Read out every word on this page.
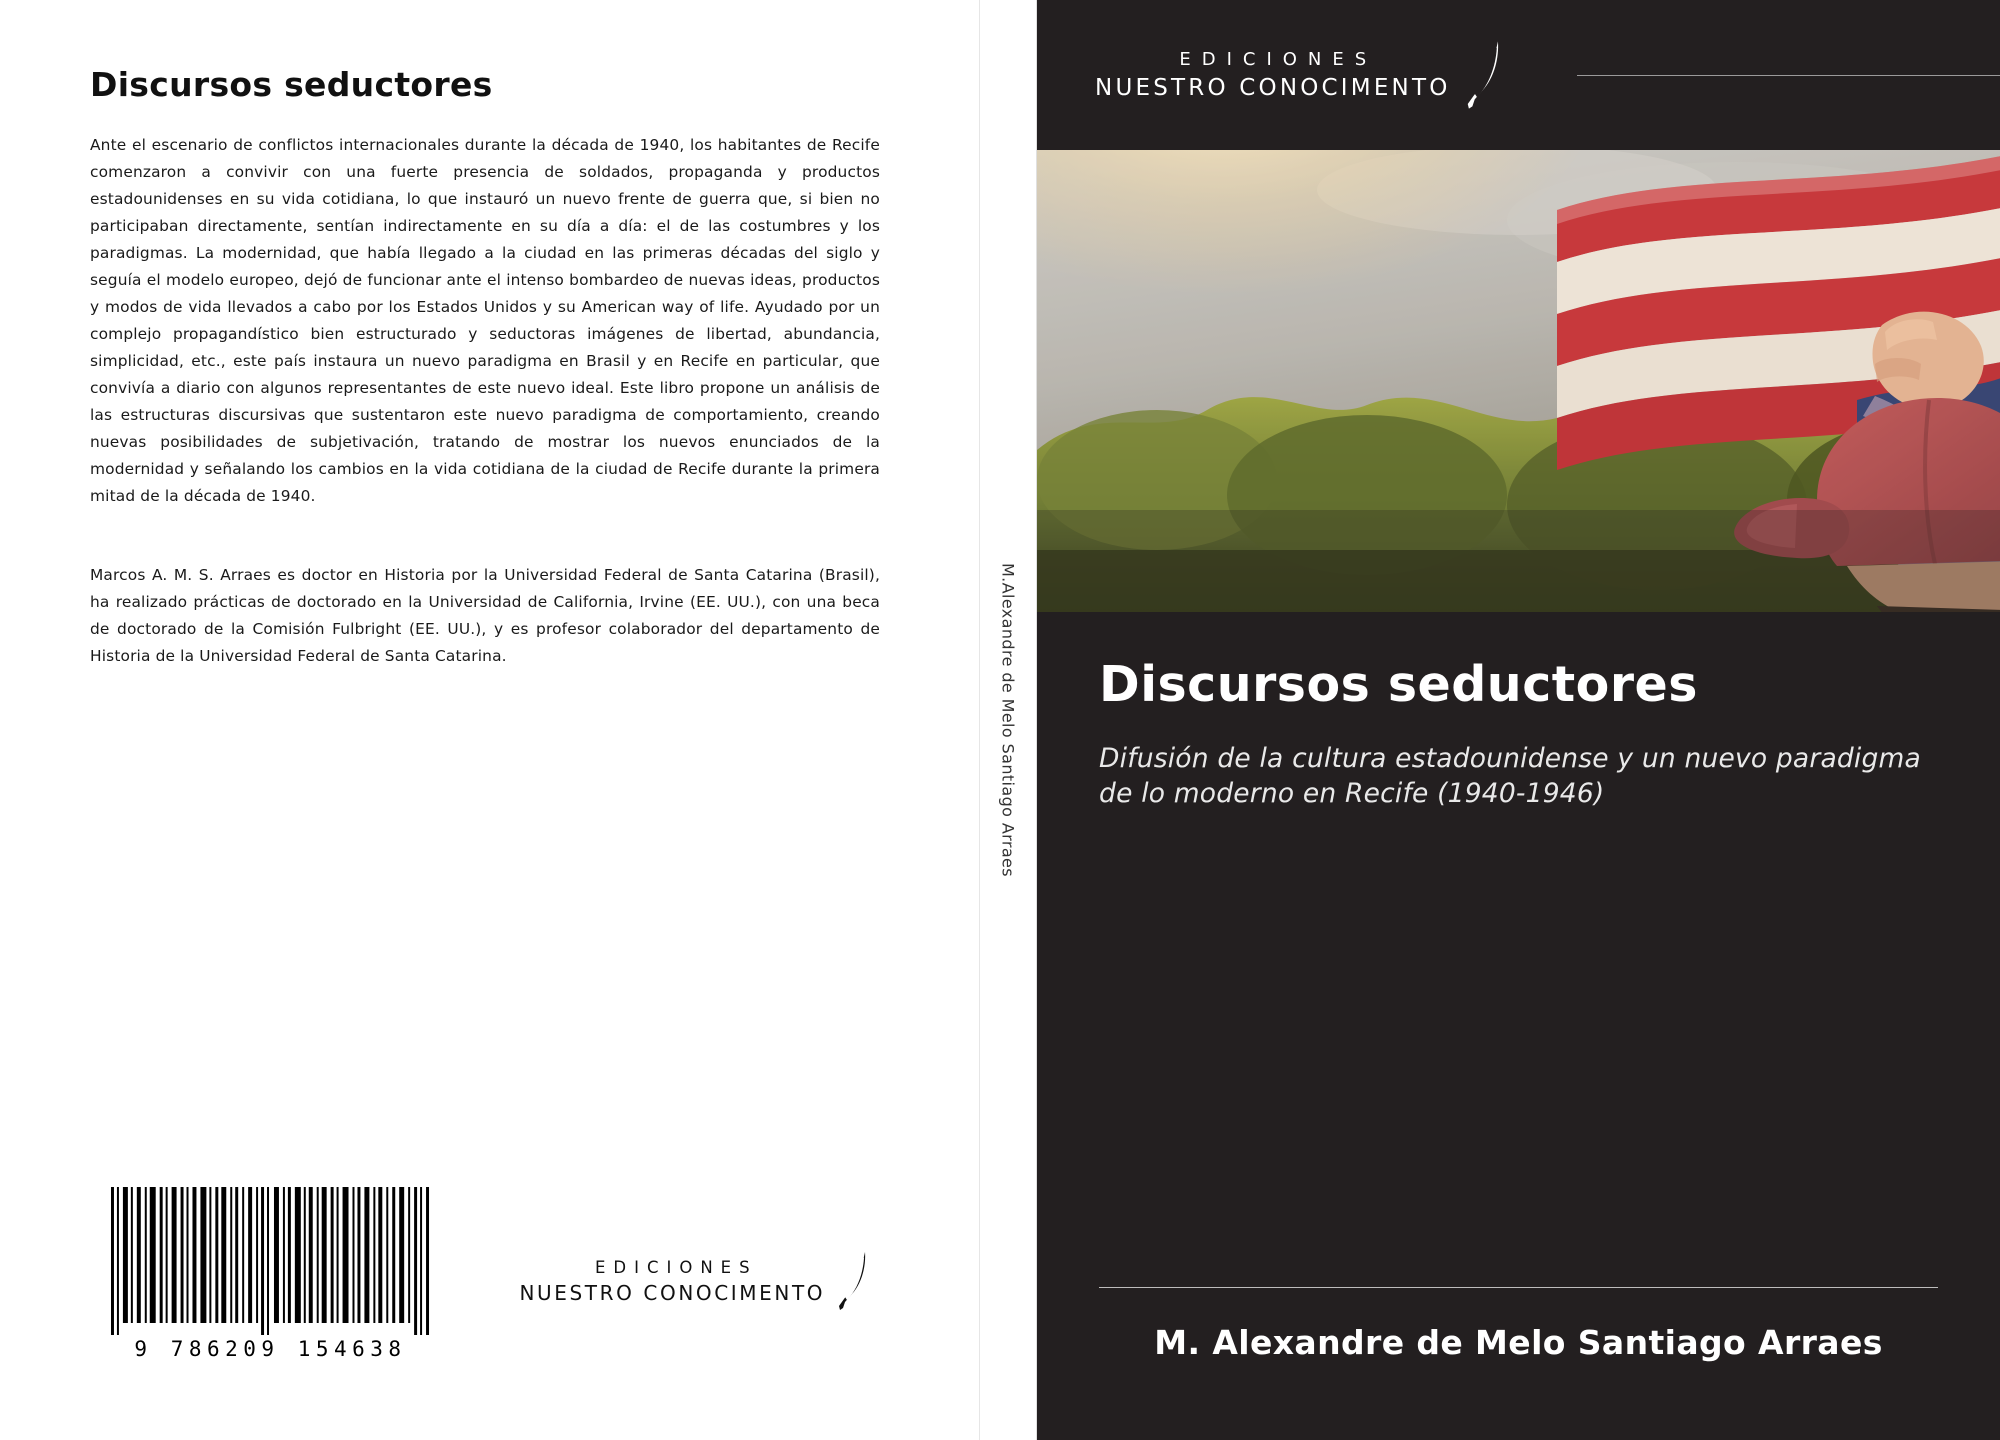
Discursos seductores
Ante el escenario de conflictos internacionales durante la década de 1940, los habitantes de Recife comenzaron a convivir con una fuerte presencia de soldados, propaganda y productos estadounidenses en su vida cotidiana, lo que instauró un nuevo frente de guerra que, si bien no participaban directamente, sentían indirectamente en su día a día: el de las costumbres y los paradigmas. La modernidad, que había llegado a la ciudad en las primeras décadas del siglo y seguía el modelo europeo, dejó de funcionar ante el intenso bombardeo de nuevas ideas, productos y modos de vida llevados a cabo por los Estados Unidos y su American way of life. Ayudado por un complejo propagandístico bien estructurado y seductoras imágenes de libertad, abundancia, simplicidad, etc., este país instaura un nuevo paradigma en Brasil y en Recife en particular, que convivía a diario con algunos representantes de este nuevo ideal. Este libro propone un análisis de las estructuras discursivas que sustentaron este nuevo paradigma de comportamiento, creando nuevas posibilidades de subjetivación, tratando de mostrar los nuevos enunciados de la modernidad y señalando los cambios en la vida cotidiana de la ciudad de Recife durante la primera mitad de la década de 1940.
Marcos A. M. S. Arraes es doctor en Historia por la Universidad Federal de Santa Catarina (Brasil), ha realizado prácticas de doctorado en la Universidad de California, Irvine (EE. UU.), con una beca de doctorado de la Comisión Fulbright (EE. UU.), y es profesor colaborador del departamento de Historia de la Universidad Federal de Santa Catarina.
9 786209 154638
EDICIONES
NUESTRO CONOCIMENTO
M.Alexandre de Melo Santiago Arraes
EDICIONES
NUESTRO CONOCIMENTO
Discursos seductores
Difusión de la cultura estadounidense y un nuevo paradigma de lo moderno en Recife (1940-1946)
M. Alexandre de Melo Santiago Arraes
